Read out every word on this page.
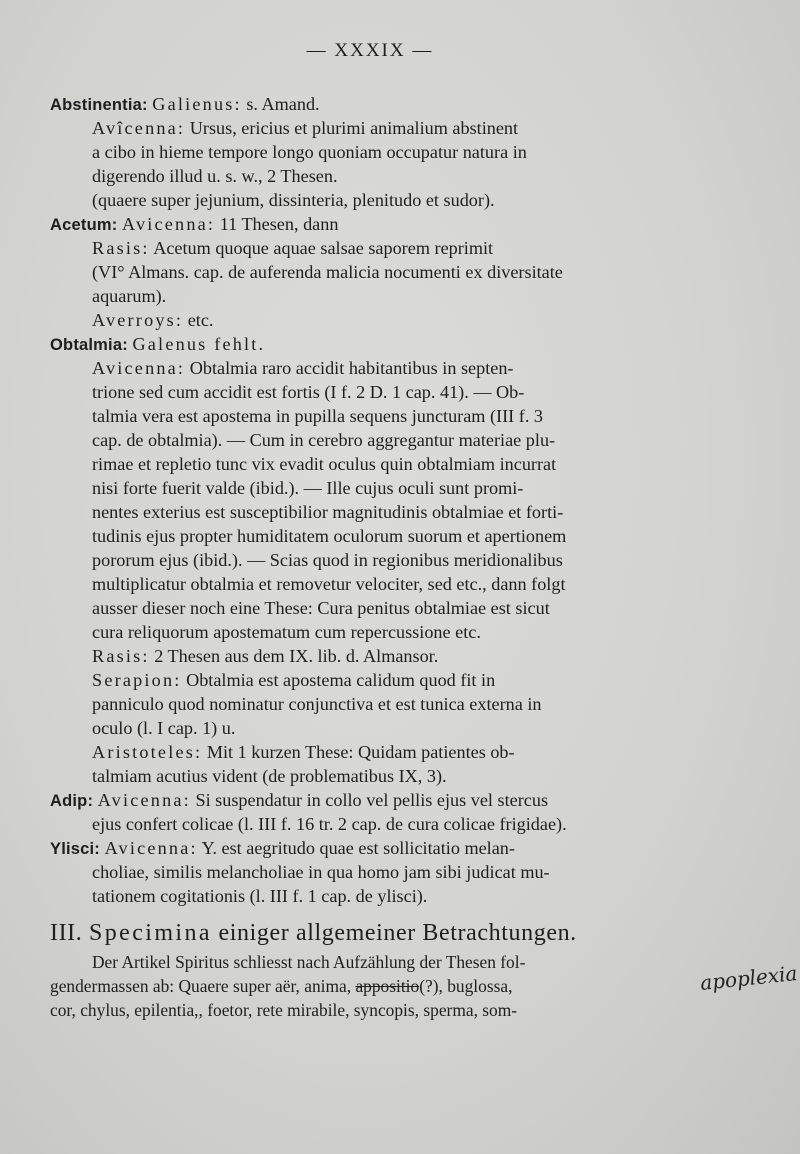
— XXXIX —
Abstinentia: Galienus: s. Amand.
Avîcenna: Ursus, ericius et plurimi animalium abstinent
a cibo in hieme tempore longo quoniam occupatur natura in
digerendo illud u. s. w., 2 Thesen.
(quaere super jejunium, dissinteria, plenitudo et sudor).
Acetum: Avicenna: 11 Thesen, dann
Rasis: Acetum quoque aquae salsae saporem reprimit
(VI° Almans. cap. de auferenda malicia nocumenti ex diversitate
aquarum).
Averroys: etc.
Obtalmia: Galenus fehlt.
Avicenna: Obtalmia raro accidit habitantibus in septen-
trione sed cum accidit est fortis (I f. 2 D. 1 cap. 41). — Ob-
talmia vera est apostema in pupilla sequens juncturam (III f. 3
cap. de obtalmia). — Cum in cerebro aggregantur materiae plu-
rimae et repletio tunc vix evadit oculus quin obtalmiam incurrat
nisi forte fuerit valde (ibid.). — Ille cujus oculi sunt promi-
nentes exterius est susceptibilior magnitudinis obtalmiae et forti-
tudinis ejus propter humiditatem oculorum suorum et apertionem
pororum ejus (ibid.). — Scias quod in regionibus meridionalibus
multiplicatur obtalmia et removetur velociter, sed etc., dann folgt
ausser dieser noch eine These: Cura penitus obtalmiae est sicut
cura reliquorum apostematum cum repercussione etc.
Rasis: 2 Thesen aus dem IX. lib. d. Almansor.
Serapion: Obtalmia est apostema calidum quod fit in
panniculo quod nominatur conjunctiva et est tunica externa in
oculo (l. I cap. 1) u.
Aristoteles: Mit 1 kurzen These: Quidam patientes ob-
talmiam acutius vident (de problematibus IX, 3).
Adip: Avicenna: Si suspendatur in collo vel pellis ejus vel stercus
ejus confert colicae (l. III f. 16 tr. 2 cap. de cura colicae frigidae).
Ylisci: Avicenna: Y. est aegritudo quae est sollicitatio melan-
choliae, similis melancholiae in qua homo jam sibi judicat mu-
tationem cogitationis (l. III f. 1 cap. de ylisci).
III. Specimina einiger allgemeiner Betrachtungen.
Der Artikel Spiritus schliesst nach Aufzählung der Thesen fol-
gendermassen ab: Quaere super aër, anima, appositio(?), buglossa,
cor, chylus, epilentia,, foetor, rete mirabile, syncopis, sperma, som-
apoplexia
